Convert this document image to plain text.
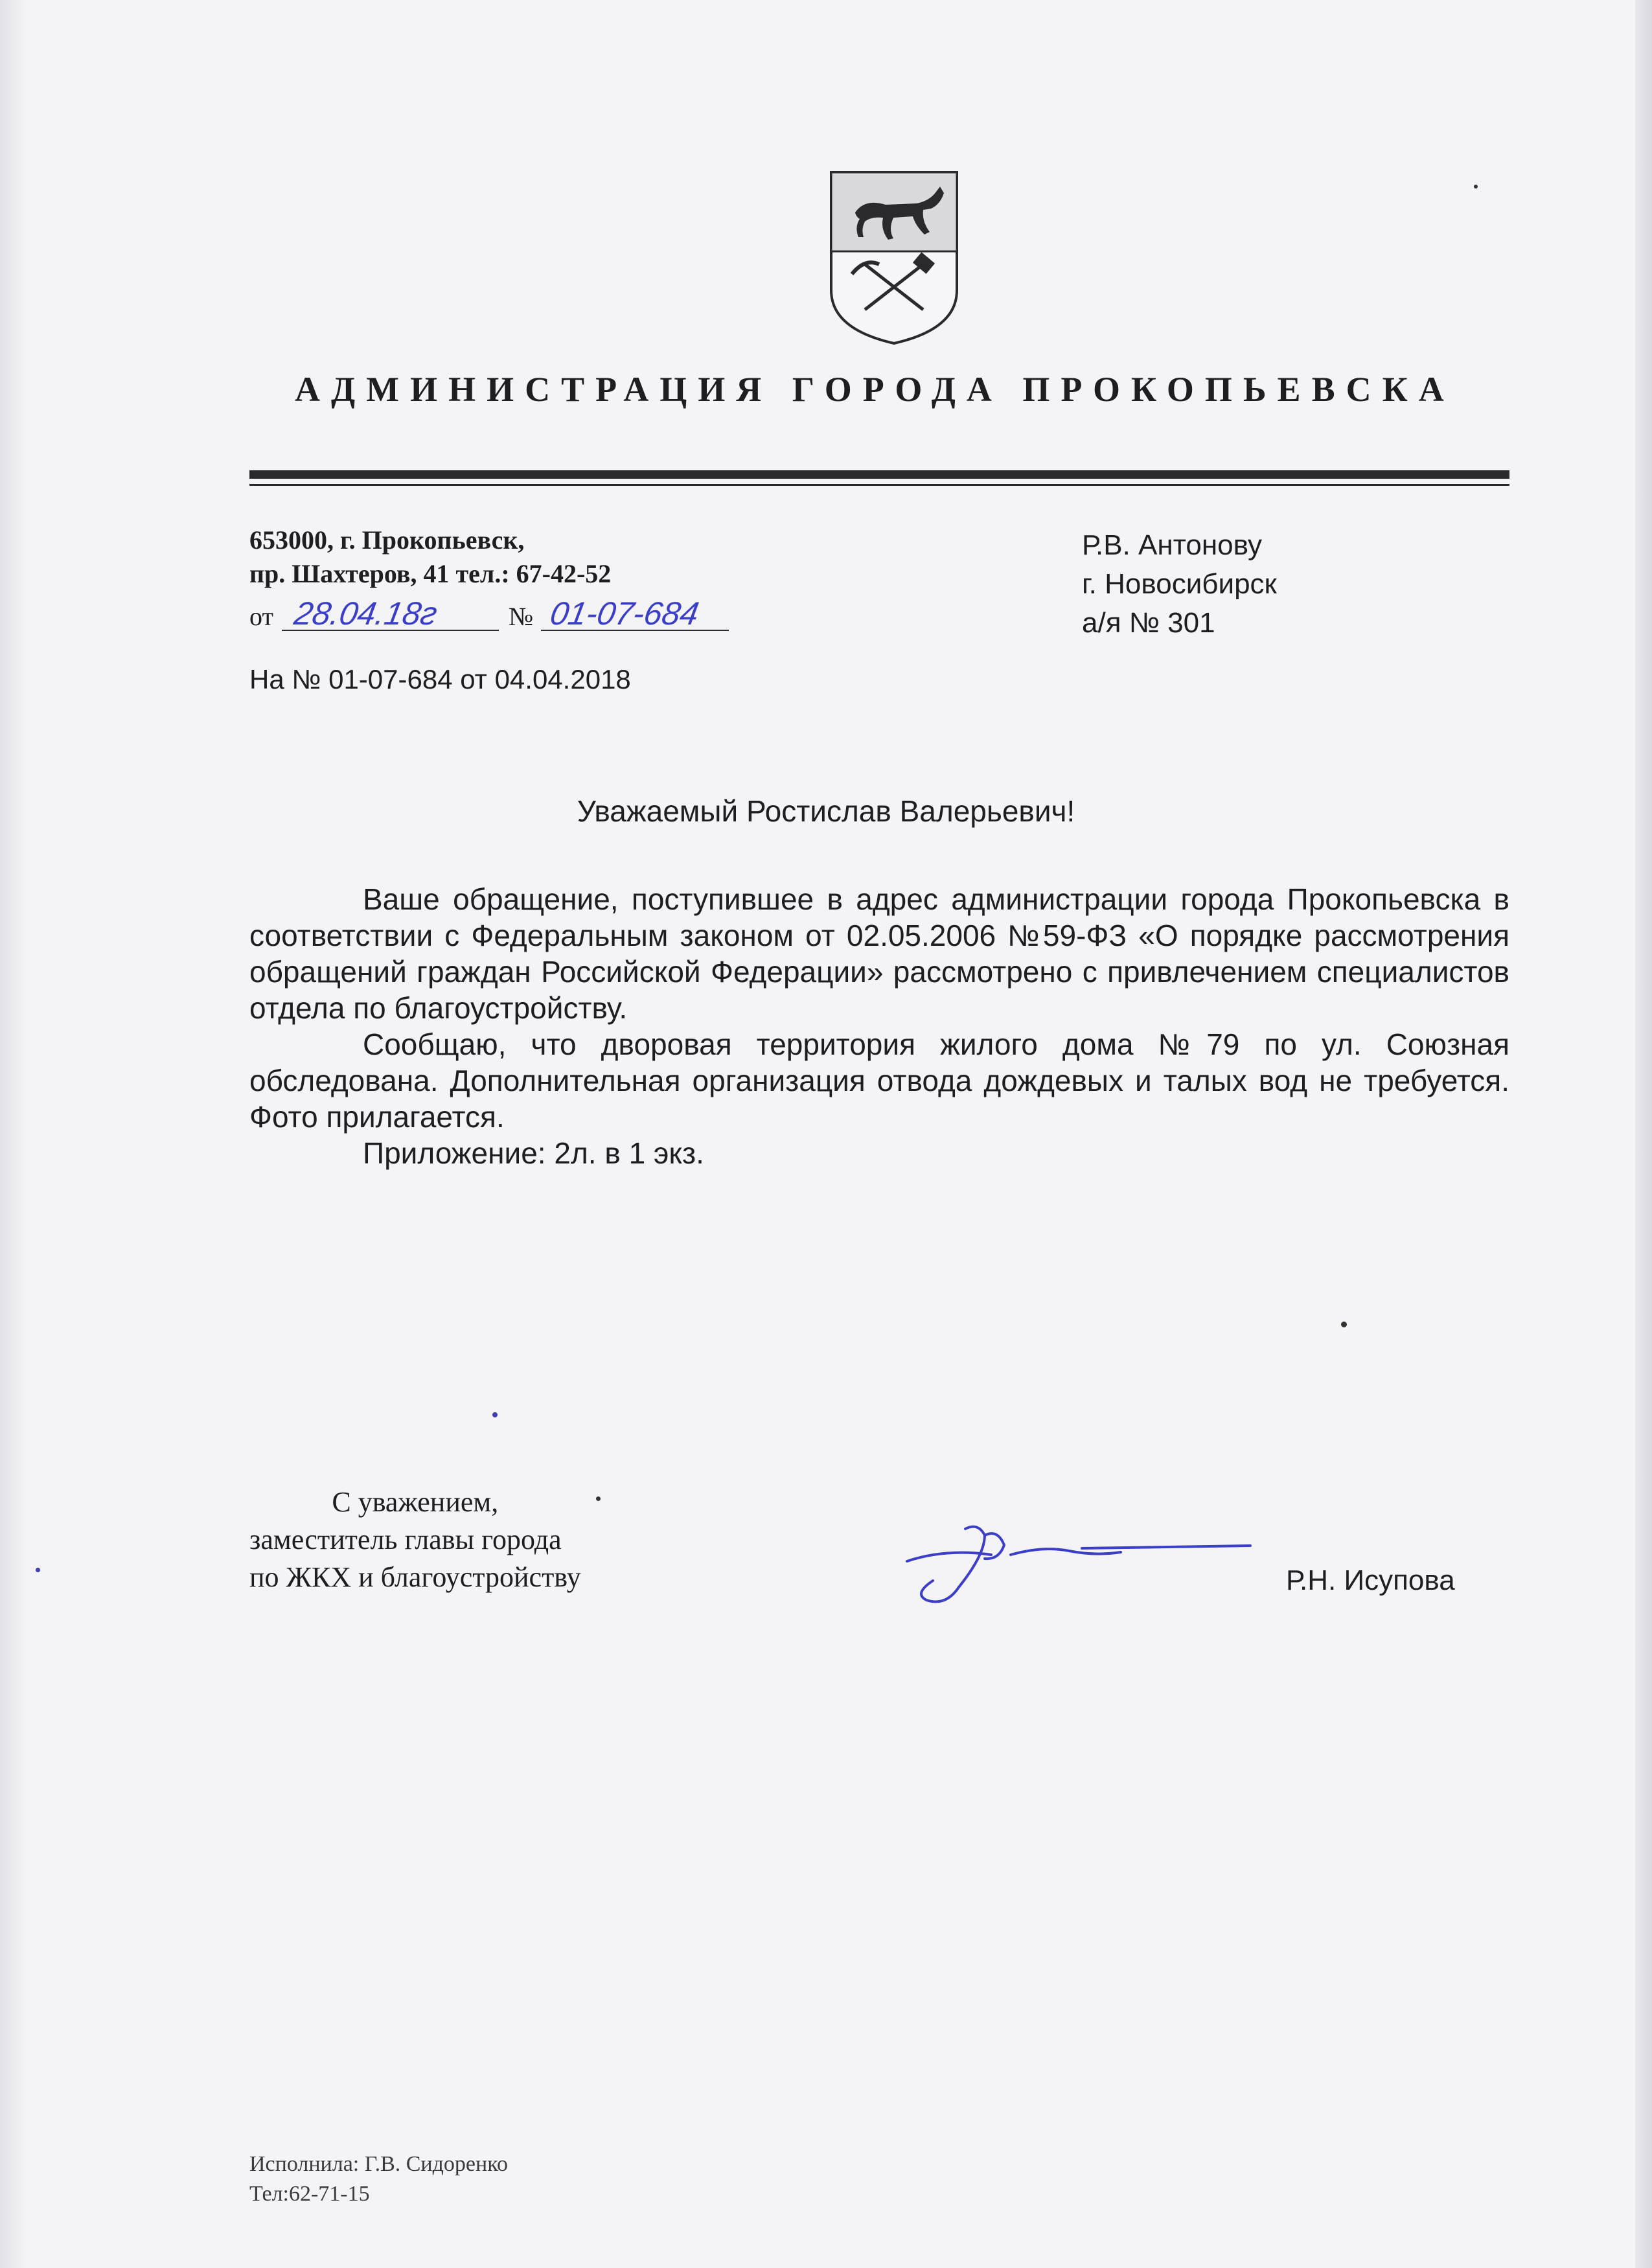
АДМИНИСТРАЦИЯ ГОРОДА ПРОКОПЬЕВСКА
653000, г. Прокопьевск,
пр. Шахтеров, 41 тел.: 67-42-52
от 28.04.18г	№ 01-07-684
На № 01-07-684 от 04.04.2018
Р.В. Антонову
г. Новосибирск
а/я № 301
Уважаемый Ростислав Валерьевич!

Ваше обращение, поступившее в адрес администрации города Прокопьевска в соответствии с Федеральным законом от 02.05.2006 №59-ФЗ «О порядке рассмотрения обращений граждан Российской Федерации» рассмотрено с привлечением специалистов отдела по благоустройству.

Сообщаю, что дворовая территория жилого дома №79 по ул. Союзная обследована. Дополнительная организация отвода дождевых и талых вод не требуется. Фото прилагается.

Приложение: 2л. в 1 экз.

С уважением,
заместитель главы города
по ЖКХ и благоустройству	Р.Н. Исупова
Исполнила: Г.В. Сидоренко
Тел:62-71-15
